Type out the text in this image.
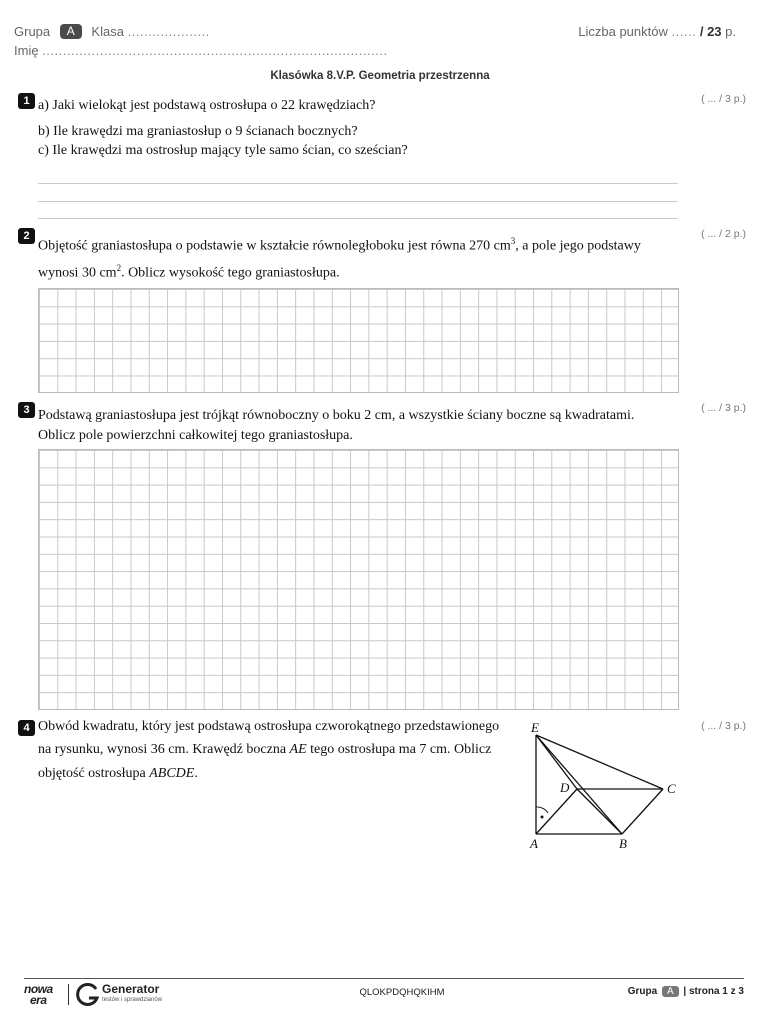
Grupa A Klasa ....................	Liczba punktów ...... / 23 p.
Imię ....................................................................................
Klasówka 8.V.P. Geometria przestrzenna
1	( ... / 3 p.)
a) Jaki wielokąt jest podstawą ostrosłupa o 22 krawędziach?
b) Ile krawędzi ma graniastosłup o 9 ścianach bocznych?
c) Ile krawędzi ma ostrosłup mający tyle samo ścian, co sześcian?
2	( ... / 2 p.)
Objętość graniastosłupa o podstawie w kształcie równoległoboku jest równa 270 $cm^3$, a pole jego podstawy
wynosi 30 $cm^2$. Oblicz wysokość tego graniastosłupa.
3	( ... / 3 p.)
Podstawą graniastosłupa jest trójkąt równoboczny o boku 2 cm, a wszystkie ściany boczne są kwadratami.
Oblicz pole powierzchni całkowitej tego graniastosłupa.
4	( ... / 3 p.)
Obwód kwadratu, który jest podstawą ostrosłupa czworokątnego przedstawionego
na rysunku, wynosi 36 cm. Krawędź boczna AE tego ostrosłupa ma 7 cm. Oblicz
objętość ostrosłupa ABCDE.
E
D	C
A	B
nowa
era
Generator
testów i sprawdzianów
QLOKPDQHQKIHM	Grupa A | strona 1 z 3
